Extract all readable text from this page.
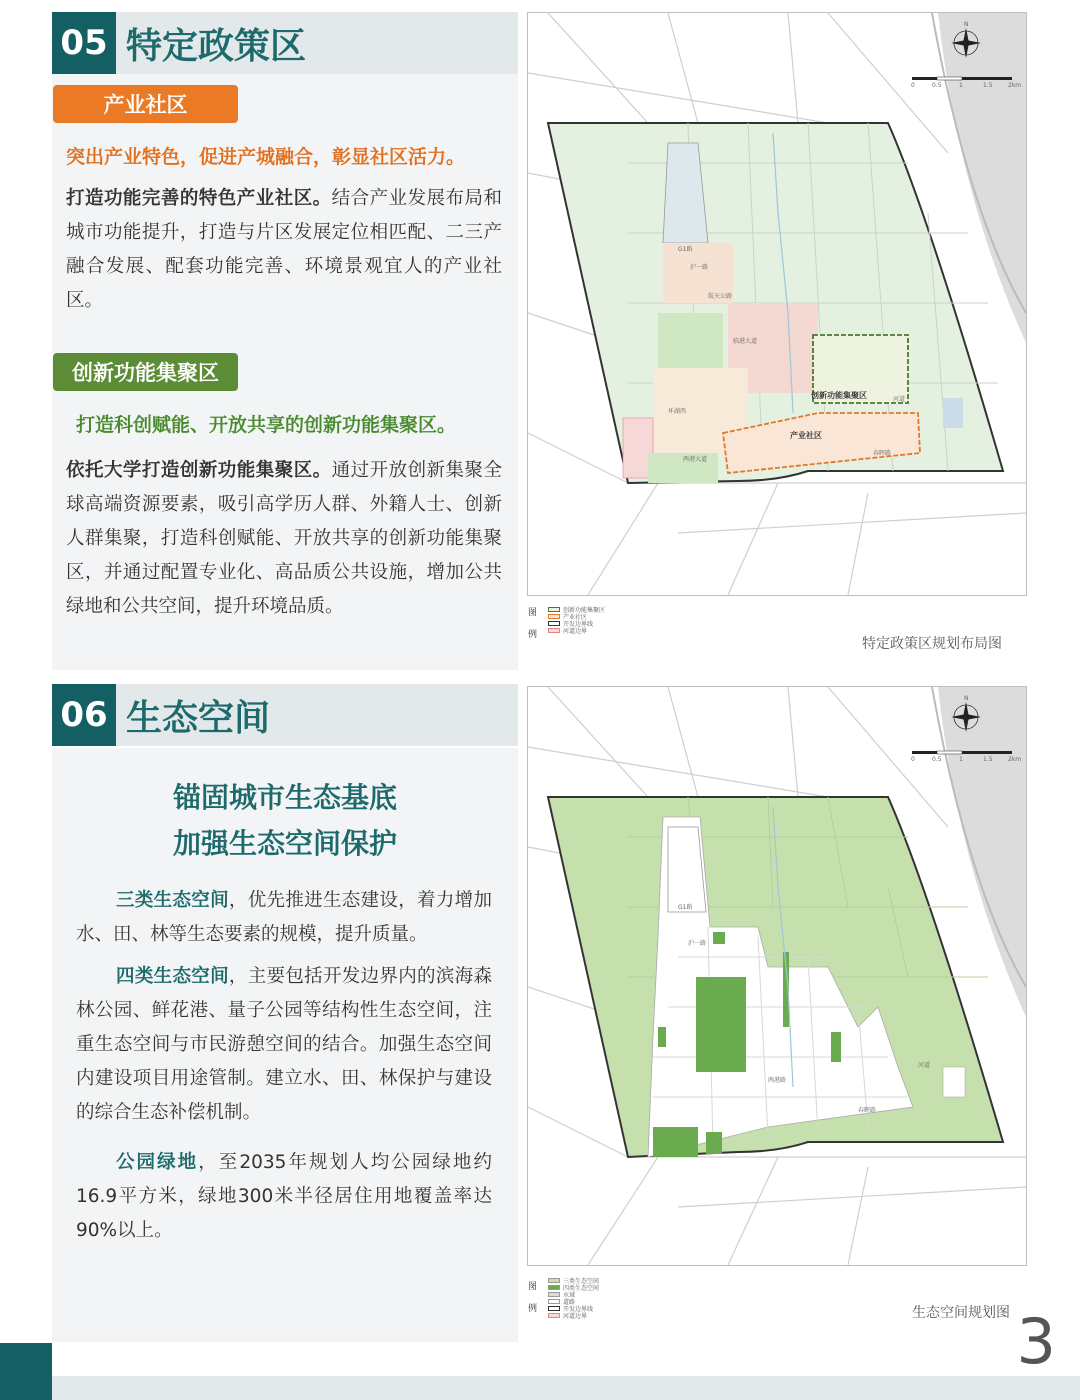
05 特定政策区
产业社区
突出产业特色，促进产城融合，彰显社区活力。
打造功能完善的特色产业社区。结合产业发展布局和城市功能提升，打造与片区发展定位相匹配、二三产融合发展、配套功能完善、环境景观宜人的产业社区。
创新功能集聚区
打造科创赋能、开放共享的创新功能集聚区。
依托大学打造创新功能集聚区。通过开放创新集聚全球高端资源要素，吸引高学历人群、外籍人士、创新人群集聚，打造科创赋能、开放共享的创新功能集聚区，并通过配置专业化、高品质公共设施，增加公共绿地和公共空间，提升环境品质。
创新功能集聚区
产业社区
G1路
沪一路
航天公路
临港大道
环湖西
两港大道
春晖路
河道
N
0	0.5	1	1.5	2km
图例
创新功能集聚区
产业社区
开发边界线
河道边界
特定政策区规划布局图
06 生态空间
锚固城市生态基底
加强生态空间保护
三类生态空间，优先推进生态建设，着力增加水、田、林等生态要素的规模，提升质量。
四类生态空间，主要包括开发边界内的滨海森林公园、鲜花港、量子公园等结构性生态空间，注重生态空间与市民游憩空间的结合。加强生态空间内建设项目用途管制。建立水、田、林保护与建设的综合生态补偿机制。
公园绿地，至2035年规划人均公园绿地约16.9平方米，绿地300米半径居住用地覆盖率达90%以上。
G1路
沪一路
两港路
春晖路
河道
N
0	0.5	1	1.5	2km
图例
三类生态空间
四类生态空间
水域
道路
开发边界线
河道边界	生态空间规划图 3
